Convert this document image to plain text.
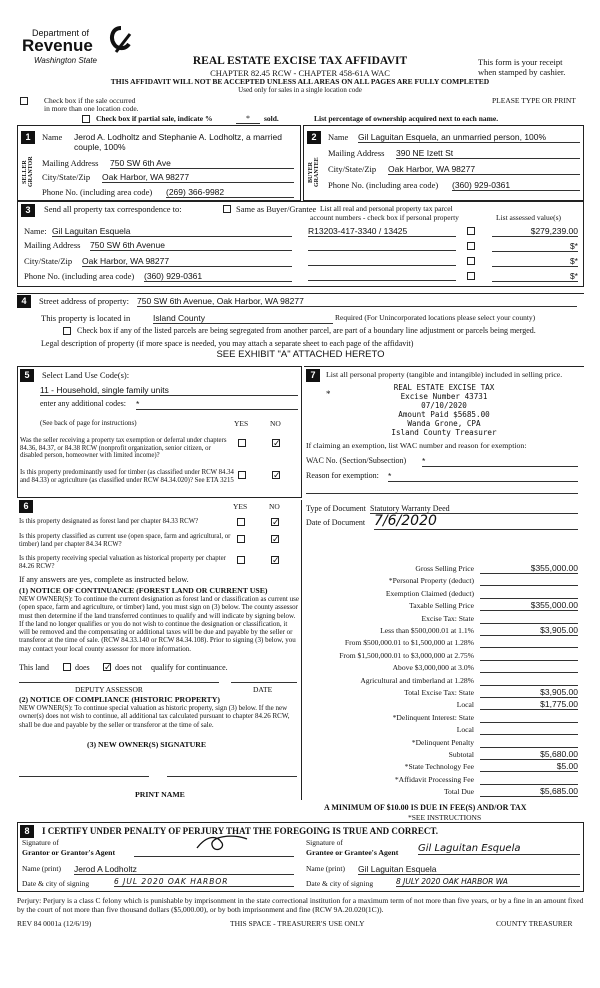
Department of
Revenue
Washington State	REAL ESTATE EXCISE TAX AFFIDAVIT
CHAPTER 82.45 RCW - CHAPTER 458-61A WAC
THIS AFFIDAVIT WILL NOT BE ACCEPTED UNLESS ALL AREAS ON ALL PAGES ARE FULLY COMPLETED
Used only for sales in a single location code
This form is your receipt
when stamped by cashier.
PLEASE TYPE OR PRINT
Check box if the sale occurred
in more than one location code.
Check box if partial sale, indicate %	*	sold.	List percentage of ownership acquired next to each name.
1
SELLER GRANTOR
Name Jerod A. Lodholtz and Stephanie A. Lodholtz, a married couple, 100%
Mailing Address 750 SW 6th Ave
City/State/Zip Oak Harbor, WA 98277
Phone No. (including area code) (269) 366-9982
2
BUYER GRANTEE
Name Gil Laguitan Esquela, an unmarried person, 100%
Mailing Address 390 NE Izett St
City/State/Zip Oak Harbor, WA 98277
Phone No. (including area code) (360) 929-0361
3	Send all property tax correspondence to:	Same as Buyer/Grantee
Name: Gil Laguitan Esquela
Mailing Address 750 SW 6th Avenue
City/State/Zip Oak Harbor, WA 98277
Phone No. (including area code) (360) 929-0361
List all real and personal property tax parcel
account numbers - check box if personal property	List assessed value(s)
R13203-417-3340 / 13425	$279,239.00
$*
$*
$*
4	Street address of property: 750 SW 6th Avenue, Oak Harbor, WA 98277
This property is located in	Island County	Required (For Unincorporated locations please select your county)
Check box if any of the listed parcels are being segregated from another parcel, are part of a boundary line adjustment or parcels being merged.
Legal description of property (if more space is needed, you may attach a separate sheet to each page of the affidavit)
SEE EXHIBIT "A" ATTACHED HERETO
5	Select Land Use Code(s):
11 - Household, single family units
enter any additional codes: *
(See back of page for instructions)	YES	NO
Was the seller receiving a property tax exemption or deferral under chapters 84.36, 84.37, or 84.38 RCW (nonprofit organization, senior citizen, or disabled person, homeowner with limited income)?
✓
Is this property predominantly used for timber (as classified under RCW 84.34 and 84.33) or agriculture (as classified under RCW 84.34.020)? See ETA 3215
✓
6	YES	NO
Is this property designated as forest land per chapter 84.33 RCW?
✓
Is this property classified as current use (open space, farm and agricultural, or timber) land per chapter 84.34 RCW?
✓
Is this property receiving special valuation as historical property per chapter 84.26 RCW?
✓
If any answers are yes, complete as instructed below.
(1) NOTICE OF CONTINUANCE (FOREST LAND OR CURRENT USE)
NEW OWNER(S): To continue the current designation as forest land or classification as current use (open space, farm and agriculture, or timber) land, you must sign on (3) below. The county assessor must then determine if the land transferred continues to qualify and will indicate by signing below. If the land no longer qualifies or you do not wish to continue the designation or classification, it will be removed and the compensating or additional taxes will be due and payable by the seller or transferor at the time of sale. (RCW 84.33.140 or RCW 84.34.108). Prior to signing (3) below, you may contact your local county assessor for more information.
This land	does
✓	does not qualify for continuance.
DEPUTY ASSESSOR	DATE
(2) NOTICE OF COMPLIANCE (HISTORIC PROPERTY)
NEW OWNER(S): To continue special valuation as historic property, sign (3) below. If the new owner(s) does not wish to continue, all additional tax calculated pursuant to chapter 84.26 RCW, shall be due and payable by the seller or transferor at the time of sale.
(3) NEW OWNER(S) SIGNATURE
PRINT NAME
7	List all personal property (tangible and intangible) included in selling price.
*
REAL ESTATE EXCISE TAX
Excise Number 43731
07/10/2020
Amount Paid $5685.00
Wanda Grone, CPA
Island County Treasurer
If claiming an exemption, list WAC number and reason for exemption:
WAC No. (Section/Subsection) *
Reason for exemption: *
Type of Document Statutory Warranty Deed
Date of Document 7/6/2020
Gross Selling Price	$355,000.00
*Personal Property (deduct)
Exemption Claimed (deduct)
Taxable Selling Price	$355,000.00
Excise Tax: State
Less than $500,000.01 at 1.1%	$3,905.00
From $500,000.01 to $1,500,000 at 1.28%
From $1,500,000.01 to $3,000,000 at 2.75%
Above $3,000,000 at 3.0%
Agricultural and timberland at 1.28%
Total Excise Tax: State	$3,905.00
Local	$1,775.00
*Delinquent Interest: State
Local
*Delinquent Penalty
Subtotal	$5,680.00
*State Technology Fee	$5.00
*Affidavit Processing Fee
Total Due	$5,685.00
A MINIMUM OF $10.00 IS DUE IN FEE(S) AND/OR TAX
*SEE INSTRUCTIONS
8	I CERTIFY UNDER PENALTY OF PERJURY THAT THE FOREGOING IS TRUE AND CORRECT.
Signature of
Grantor or Grantor's Agent
Name (print) Jerod A Lodholtz
Date & city of signing	6 JUL 2020 OAK HARBOR
Signature of
Grantee or Grantee's Agent Gil Laguitan Esquela
Name (print) Gil Laguitan Esquela
Date & city of signing	8 JULY 2020 OAK HARBOR WA
Perjury: Perjury is a class C felony which is punishable by imprisonment in the state correctional institution for a maximum term of not more than five years, or by a fine in an amount fixed by the court of not more than five thousand dollars ($5,000.00), or by both imprisonment and fine (RCW 9A.20.020(1C)).
REV 84 0001a (12/6/19)	THIS SPACE - TREASURER'S USE ONLY	COUNTY TREASURER
